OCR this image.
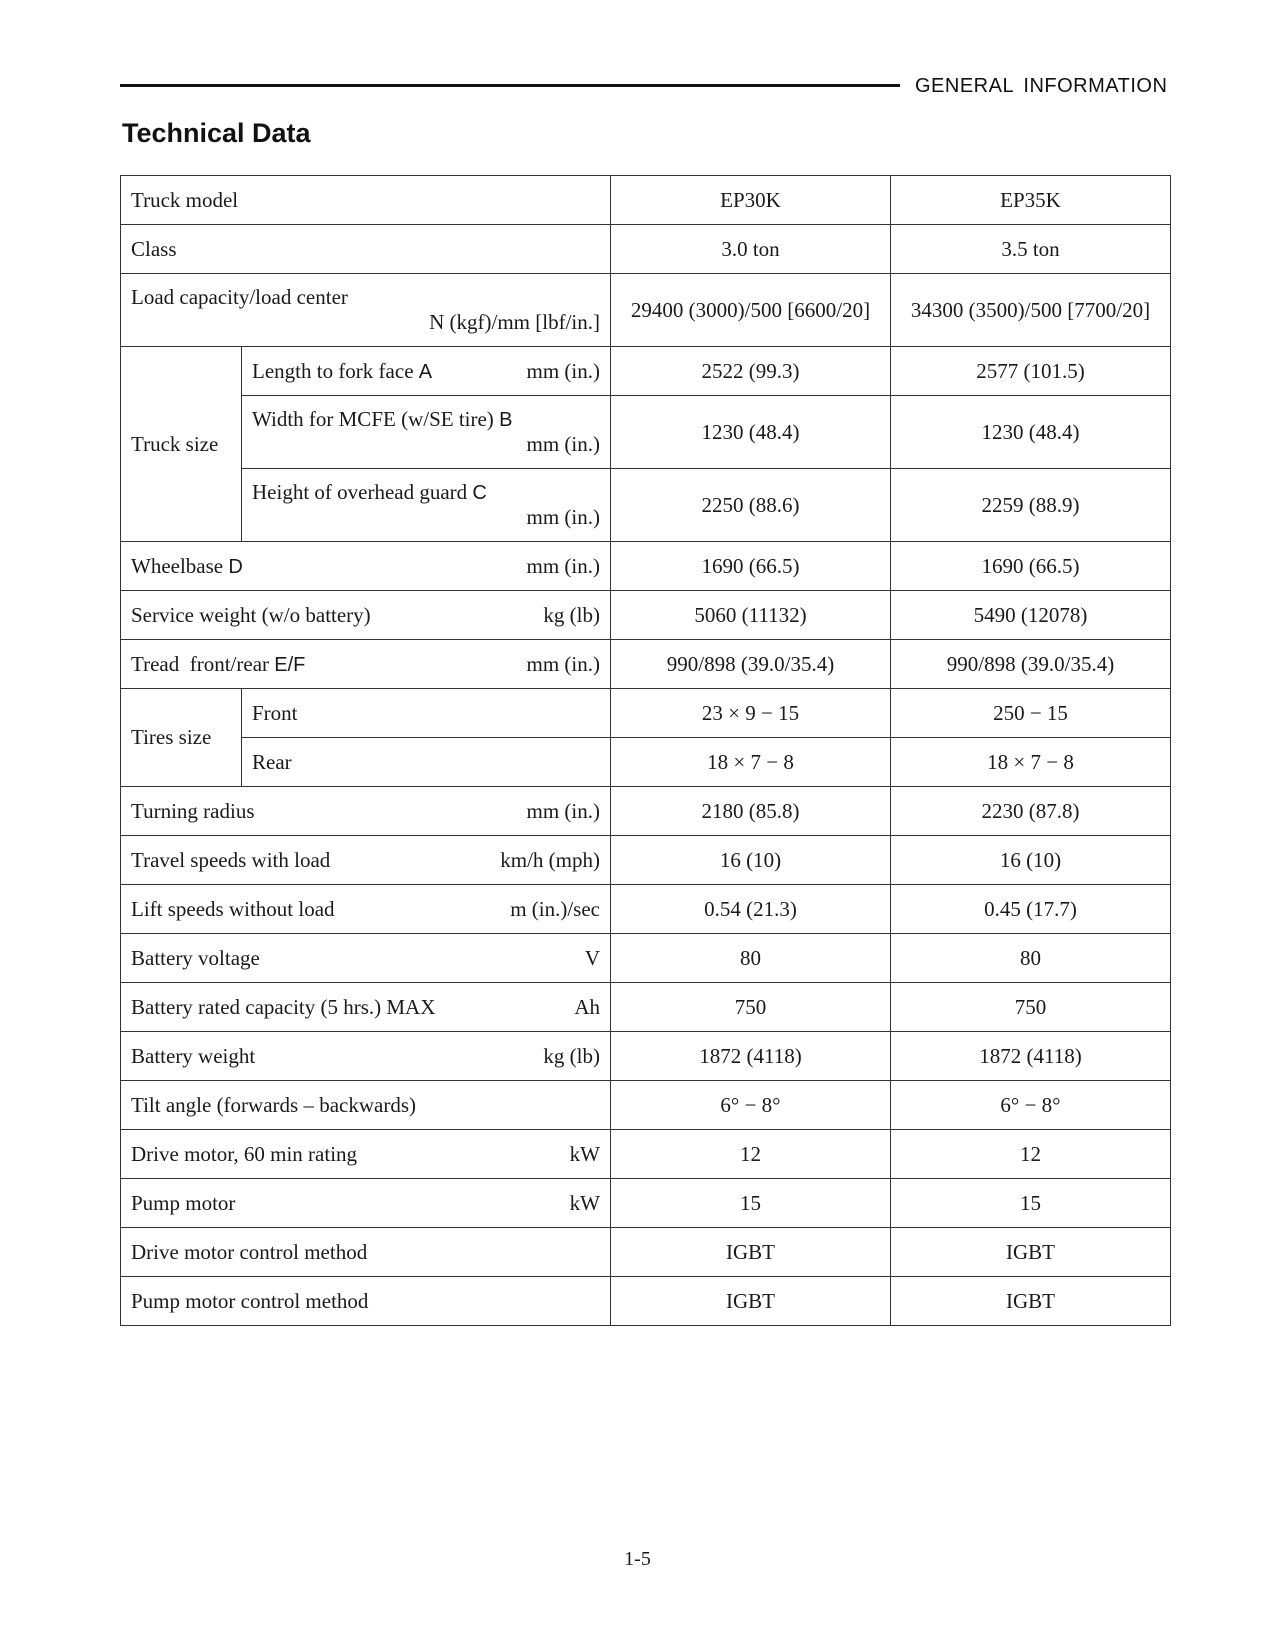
GENERAL INFORMATION
Technical Data
Truck model		EP30K	EP35K
Class		3.0 ton	3.5 ton

Load capacity/load center
N (kgf)/mm [lbf/in.]		29400 (3000)/500 [6600/20]	34300 (3500)/500 [7700/20]
Truck size	Length to fork face A mm (in.)	2522 (99.3)	2577 (101.5)

	Width for MCFE (w/SE tire) B
mm (in.)	1230 (48.4)	1230 (48.4)

	Height of overhead guard C
mm (in.)	2250 (88.6)	2259 (88.9)

Wheelbase D mm (in.)		1690 (66.5)	1690 (66.5)

Service weight (w/o battery) kg (lb)		5060 (11132)	5490 (12078)

Tread  front/rear E/F mm (in.)		990/898 (39.0/35.4)	990/898 (39.0/35.4)
Tires size	Front	23 × 9 − 15	250 − 15
	Rear	18 × 7 − 8	18 × 7 − 8

Turning radius mm (in.)		2180 (85.8)	2230 (87.8)

Travel speeds with load km/h (mph)		16 (10)	16 (10)

Lift speeds without load m (in.)/sec		0.54 (21.3)	0.45 (17.7)

Battery voltage V		80	80

Battery rated capacity (5 hrs.) MAX Ah		750	750

Battery weight kg (lb)		1872 (4118)	1872 (4118)
Tilt angle (forwards – backwards)		6° − 8°	6° − 8°

Drive motor, 60 min rating kW		12	12

Pump motor kW		15	15
Drive motor control method		IGBT	IGBT
Pump motor control method		IGBT	IGBT
1-5
